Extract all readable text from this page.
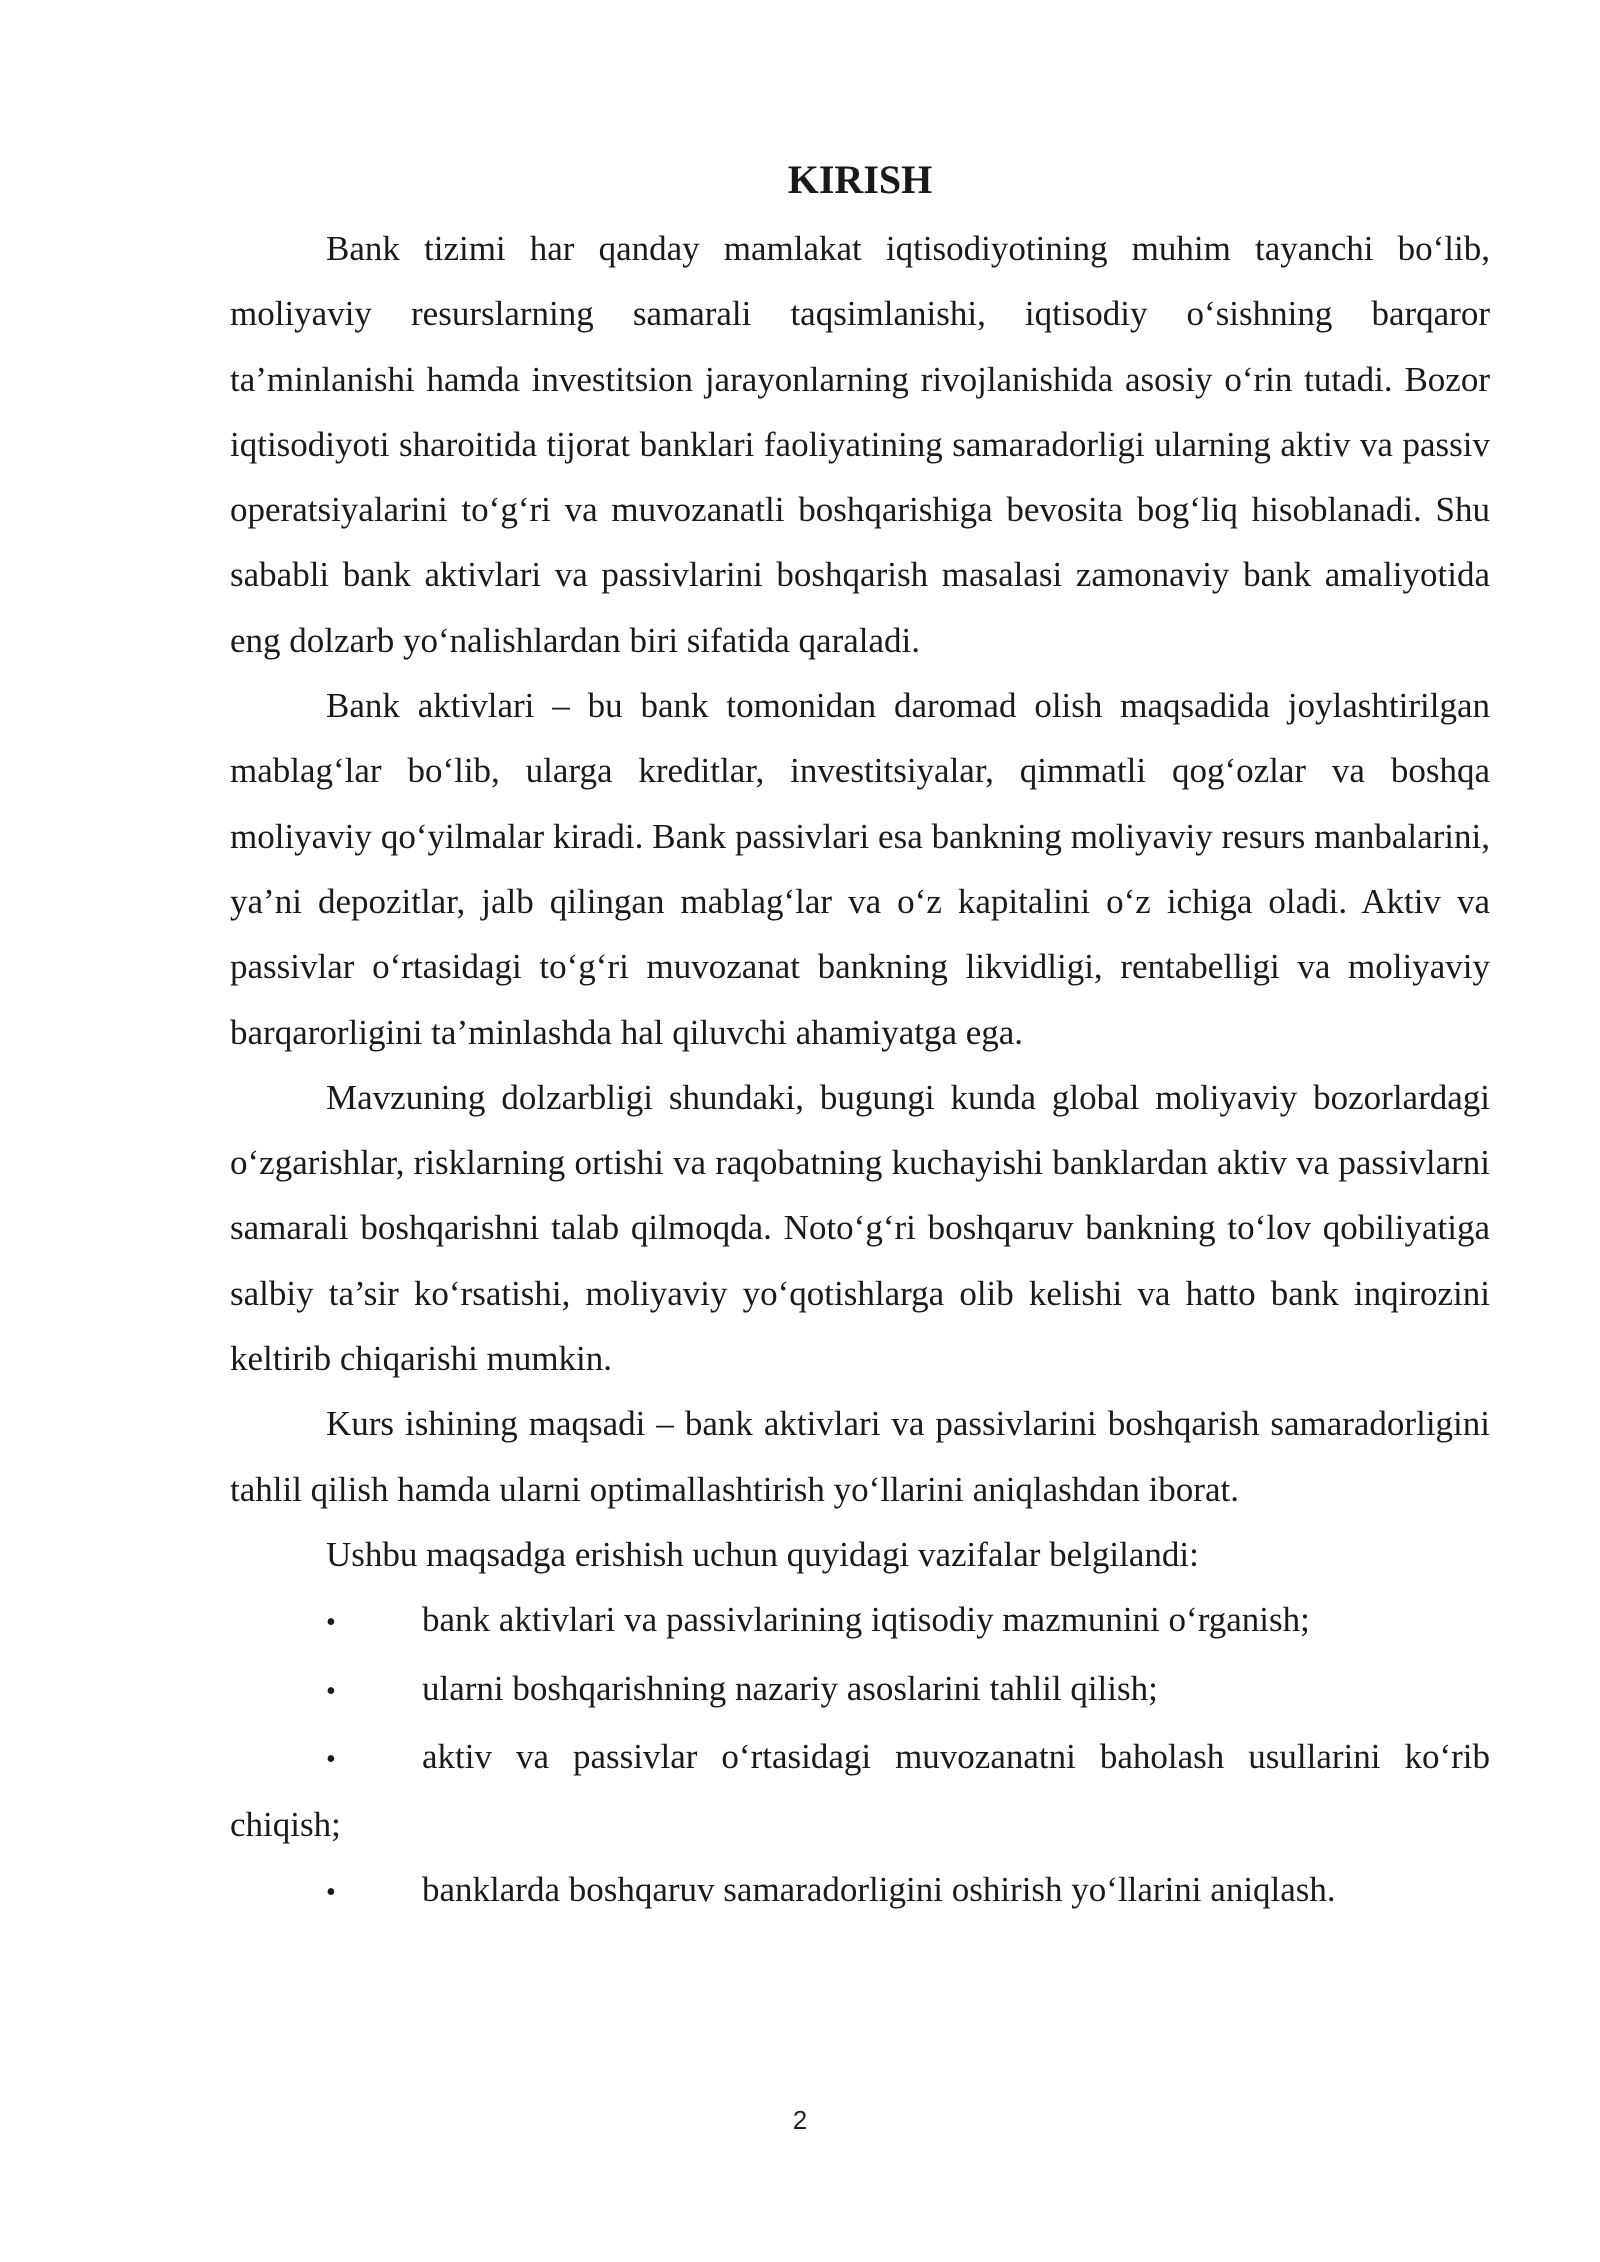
KIRISH

Bank tizimi har qanday mamlakat iqtisodiyotining muhim tayanchi bo‘lib, moliyaviy resurslarning samarali taqsimlanishi, iqtisodiy o‘sishning barqaror ta’minlanishi hamda investitsion jarayonlarning rivojlanishida asosiy o‘rin tutadi. Bozor iqtisodiyoti sharoitida tijorat banklari faoliyatining samaradorligi ularning aktiv va passiv operatsiyalarini to‘g‘ri va muvozanatli boshqarishiga bevosita bog‘liq hisoblanadi. Shu sababli bank aktivlari va passivlarini boshqarish masalasi zamonaviy bank amaliyotida eng dolzarb yo‘nalishlardan biri sifatida qaraladi.

Bank aktivlari – bu bank tomonidan daromad olish maqsadida joylashtirilgan mablag‘lar bo‘lib, ularga kreditlar, investitsiyalar, qimmatli qog‘ozlar va boshqa moliyaviy qo‘yilmalar kiradi. Bank passivlari esa bankning moliyaviy resurs manbalarini, ya’ni depozitlar, jalb qilingan mablag‘lar va o‘z kapitalini o‘z ichiga oladi. Aktiv va passivlar o‘rtasidagi to‘g‘ri muvozanat bankning likvidligi, rentabelligi va moliyaviy barqarorligini ta’minlashda hal qiluvchi ahamiyatga ega.

Mavzuning dolzarbligi shundaki, bugungi kunda global moliyaviy bozorlardagi o‘zgarishlar, risklarning ortishi va raqobatning kuchayishi banklardan aktiv va passivlarni samarali boshqarishni talab qilmoqda. Noto‘g‘ri boshqaruv bankning to‘lov qobiliyatiga salbiy ta’sir ko‘rsatishi, moliyaviy yo‘qotishlarga olib kelishi va hatto bank inqirozini keltirib chiqarishi mumkin.

Kurs ishining maqsadi – bank aktivlari va passivlarini boshqarish samaradorligini tahlil qilish hamda ularni optimallashtirish yo‘llarini aniqlashdan iborat.

Ushbu maqsadga erishish uchun quyidagi vazifalar belgilandi:

• bank aktivlari va passivlarining iqtisodiy mazmunini o‘rganish;
• ularni boshqarishning nazariy asoslarini tahlil qilish;
• aktiv va passivlar o‘rtasidagi muvozanatni baholash usullarini ko‘rib chiqish;
• banklarda boshqaruv samaradorligini oshirish yo‘llarini aniqlash.
2
